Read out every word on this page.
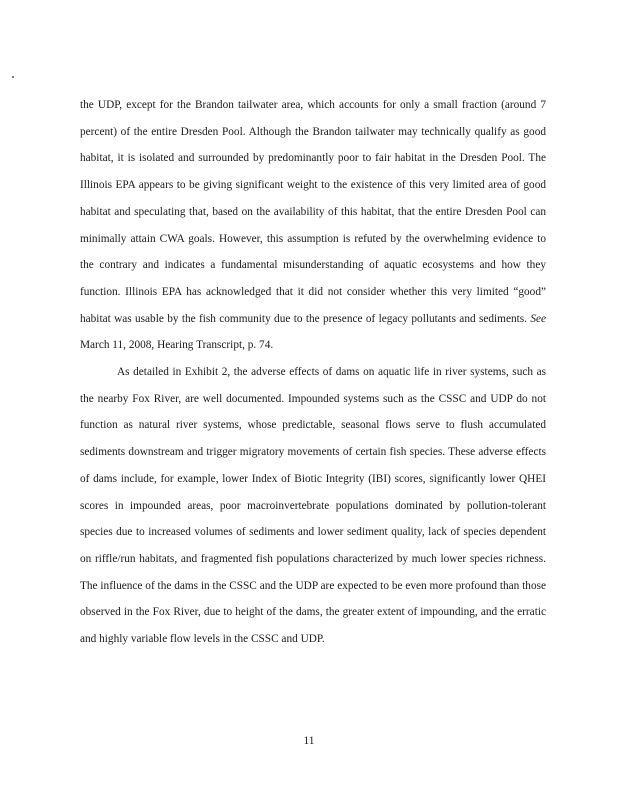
the UDP, except for the Brandon tailwater area, which accounts for only a small fraction (around 7 percent) of the entire Dresden Pool. Although the Brandon tailwater may technically qualify as good habitat, it is isolated and surrounded by predominantly poor to fair habitat in the Dresden Pool. The Illinois EPA appears to be giving significant weight to the existence of this very limited area of good habitat and speculating that, based on the availability of this habitat, that the entire Dresden Pool can minimally attain CWA goals. However, this assumption is refuted by the overwhelming evidence to the contrary and indicates a fundamental misunderstanding of aquatic ecosystems and how they function. Illinois EPA has acknowledged that it did not consider whether this very limited “good” habitat was usable by the fish community due to the presence of legacy pollutants and sediments. See March 11, 2008, Hearing Transcript, p. 74.

As detailed in Exhibit 2, the adverse effects of dams on aquatic life in river systems, such as the nearby Fox River, are well documented. Impounded systems such as the CSSC and UDP do not function as natural river systems, whose predictable, seasonal flows serve to flush accumulated sediments downstream and trigger migratory movements of certain fish species. These adverse effects of dams include, for example, lower Index of Biotic Integrity (IBI) scores, significantly lower QHEI scores in impounded areas, poor macroinvertebrate populations dominated by pollution-tolerant species due to increased volumes of sediments and lower sediment quality, lack of species dependent on riffle/run habitats, and fragmented fish populations characterized by much lower species richness. The influence of the dams in the CSSC and the UDP are expected to be even more profound than those observed in the Fox River, due to height of the dams, the greater extent of impounding, and the erratic and highly variable flow levels in the CSSC and UDP.

11
